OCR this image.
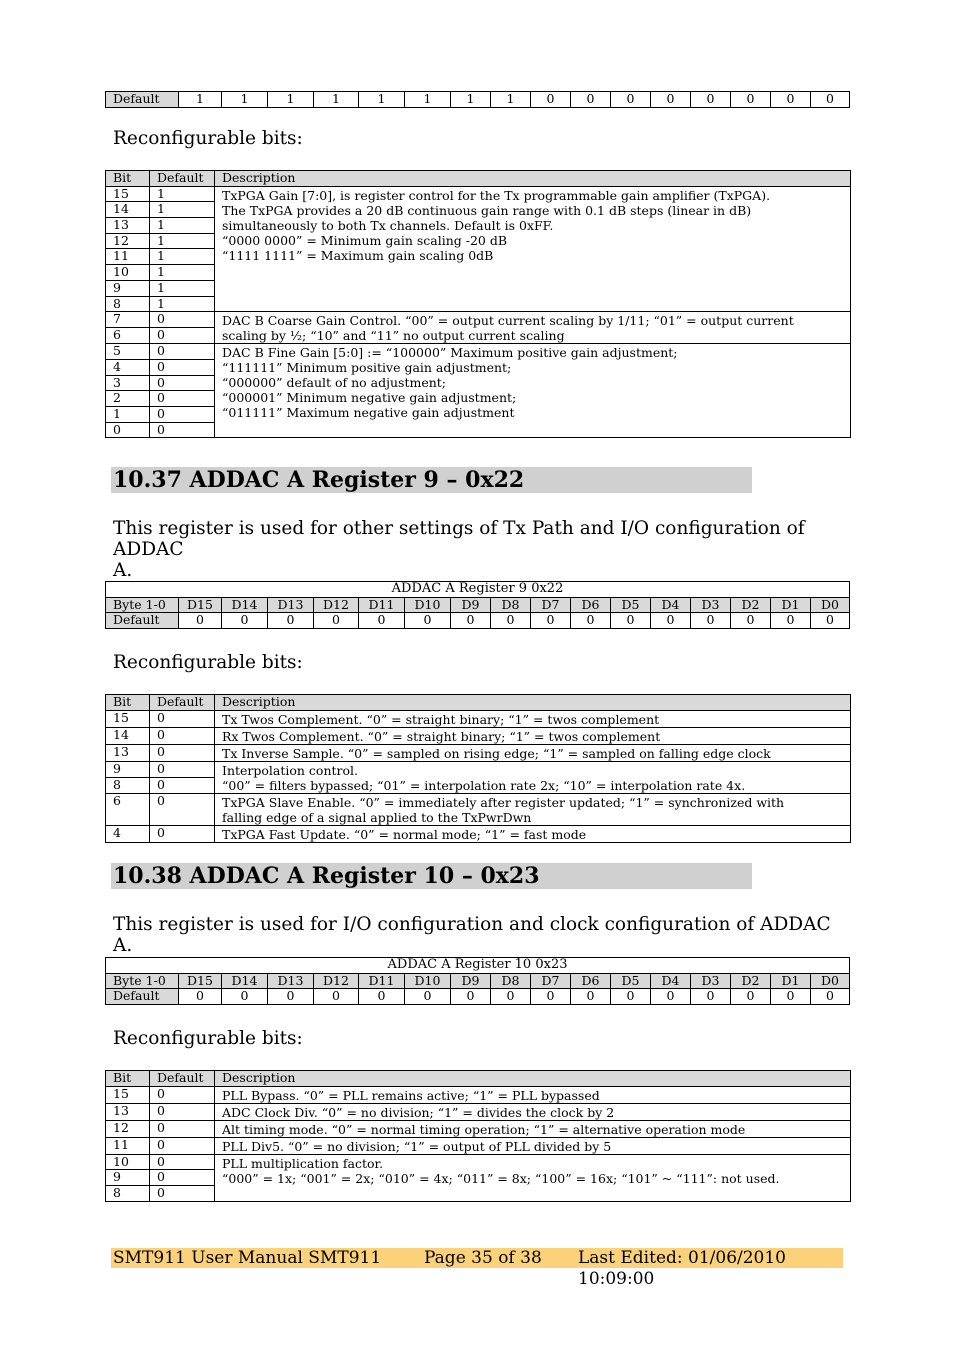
Default	1	1	1	1	1	1	1	1	0	0	0	0	0	0	0	0
Reconfigurable bits:
Bit	Default	Description
15	1	TxPGA Gain [7:0], is register control for the Tx programmable gain amplifier (TxPGA).
The TxPGA provides a 20 dB continuous gain range with 0.1 dB steps (linear in dB)
simultaneously to both Tx channels. Default is 0xFF.
“0000 0000” = Minimum gain scaling -20 dB
“1111 1111” = Maximum gain scaling 0dB

14	1	
13	1	
12	1	
11	1	
10	1	
9	1	
8	1	
7	0	DAC B Coarse Gain Control. “00” = output current scaling by 1/11; “01” = output current
scaling by ½; “10” and “11” no output current scaling

6	0	
5	0	DAC B Fine Gain [5:0] := “100000” Maximum positive gain adjustment;
“111111” Minimum positive gain adjustment;
“000000” default of no adjustment;
“000001” Minimum negative gain adjustment;
“011111” Maximum negative gain adjustment

4	0	
3	0	
2	0	
1	0	
0	0	
10.37 ADDAC A Register 9 – 0x22
This register is used for other settings of Tx Path and I/O configuration of ADDAC
A.
ADDAC A Register 9 0x22																
Byte 1-0	D15	D14	D13	D12	D11	D10	D9	D8	D7	D6	D5	D4	D3	D2	D1	D0
Default	0	0	0	0	0	0	0	0	0	0	0	0	0	0	0	0
Reconfigurable bits:
Bit	Default	Description
15	0	Tx Twos Complement. “0” = straight binary; “1” = twos complement

14	0	Rx Twos Complement. “0” = straight binary; “1” = twos complement

13	0	Tx Inverse Sample. “0” = sampled on rising edge; “1” = sampled on falling edge clock

9	0	Interpolation control.
“00” = filters bypassed; “01” = interpolation rate 2x; “10” = interpolation rate 4x.

8	0	
6	0	TxPGA Slave Enable. “0” = immediately after register updated; “1” = synchronized with
falling edge of a signal applied to the TxPwrDwn

4	0	TxPGA Fast Update. “0” = normal mode; “1” = fast mode
10.38 ADDAC A Register 10 – 0x23
This register is used for I/O configuration and clock configuration of ADDAC A.
ADDAC A Register 10 0x23																
Byte 1-0	D15	D14	D13	D12	D11	D10	D9	D8	D7	D6	D5	D4	D3	D2	D1	D0
Default	0	0	0	0	0	0	0	0	0	0	0	0	0	0	0	0
Reconfigurable bits:
Bit	Default	Description
15	0	PLL Bypass. “0” = PLL remains active; “1” = PLL bypassed

13	0	ADC Clock Div. “0” = no division; “1” = divides the clock by 2

12	0	Alt timing mode. “0” = normal timing operation; “1” = alternative operation mode

11	0	PLL Div5. “0” = no division; “1” = output of PLL divided by 5

10	0	PLL multiplication factor.
“000” = 1x; “001” = 2x; “010” = 4x; “011” = 8x; “100” = 16x; “101” ~ “111”: not used.

9	0	
8	0	
SMT911 User Manual SMT911	Page 35 of 38 Last Edited: 01/06/2010 10:09:00
